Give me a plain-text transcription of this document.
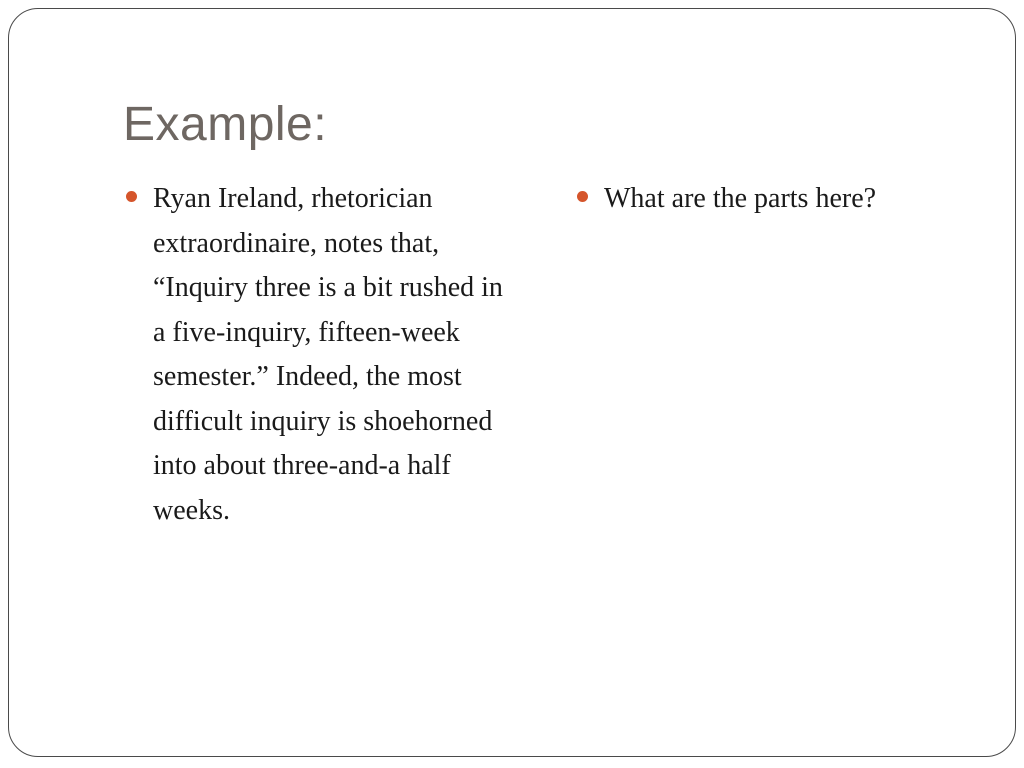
Example:
Ryan Ireland, rhetorician extraordinaire, notes that, “Inquiry three is a bit rushed in a five-inquiry, fifteen-week semester.” Indeed, the most difficult inquiry is shoehorned into about three-and-a half weeks.
What are the parts here?
